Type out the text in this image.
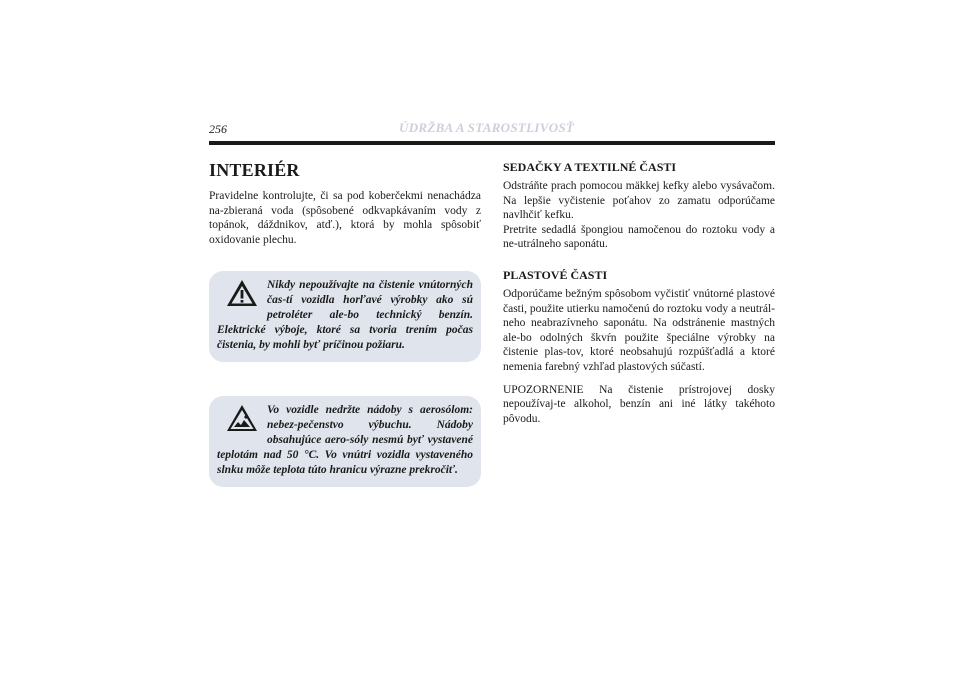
256	ÚDRŽBA A STAROSTLIVOSŤ
INTERIÉR

Pravidelne kontrolujte, či sa pod koberčekmi nenachádza na-zbieraná voda (spôsobené odkvapkávaním vody z topánok, dáždnikov, atď.), ktorá by mohla spôsobiť oxidovanie plechu.

Nikdy nepoužívajte na čistenie vnútorných čas-tí vozidla horľavé výrobky ako sú petroléter ale-bo technický benzín. Elektrické výboje, ktoré sa tvoria trením počas čistenia, by mohli byť príčinou požiaru.

Vo vozidle nedržte nádoby s aerosólom: nebez-pečenstvo výbuchu. Nádoby obsahujúce aero-sóly nesmú byť vystavené teplotám nad 50 °C. Vo vnútri vozidla vystaveného slnku môže teplota túto hranicu výrazne prekročiť.

SEDAČKY A TEXTILNÉ ČASTI

Odstráňte prach pomocou mäkkej kefky alebo vysávačom. Na lepšie vyčistenie poťahov zo zamatu odporúčame navlhčiť kefku.

Pretrite sedadlá špongiou namočenou do roztoku vody a ne-utrálneho saponátu.

PLASTOVÉ ČASTI

Odporúčame bežným spôsobom vyčistiť vnútorné plastové časti, použite utierku namočenú do roztoku vody a neutrál-neho neabrazívneho saponátu. Na odstránenie mastných ale-bo odolných škvŕn použite špeciálne výrobky na čistenie plas-tov, ktoré neobsahujú rozpúšťadlá a ktoré nemenia farebný vzhľad plastových súčastí.

UPOZORNENIE Na čistenie prístrojovej dosky nepoužívaj-te alkohol, benzín ani iné látky takéhoto pôvodu.
